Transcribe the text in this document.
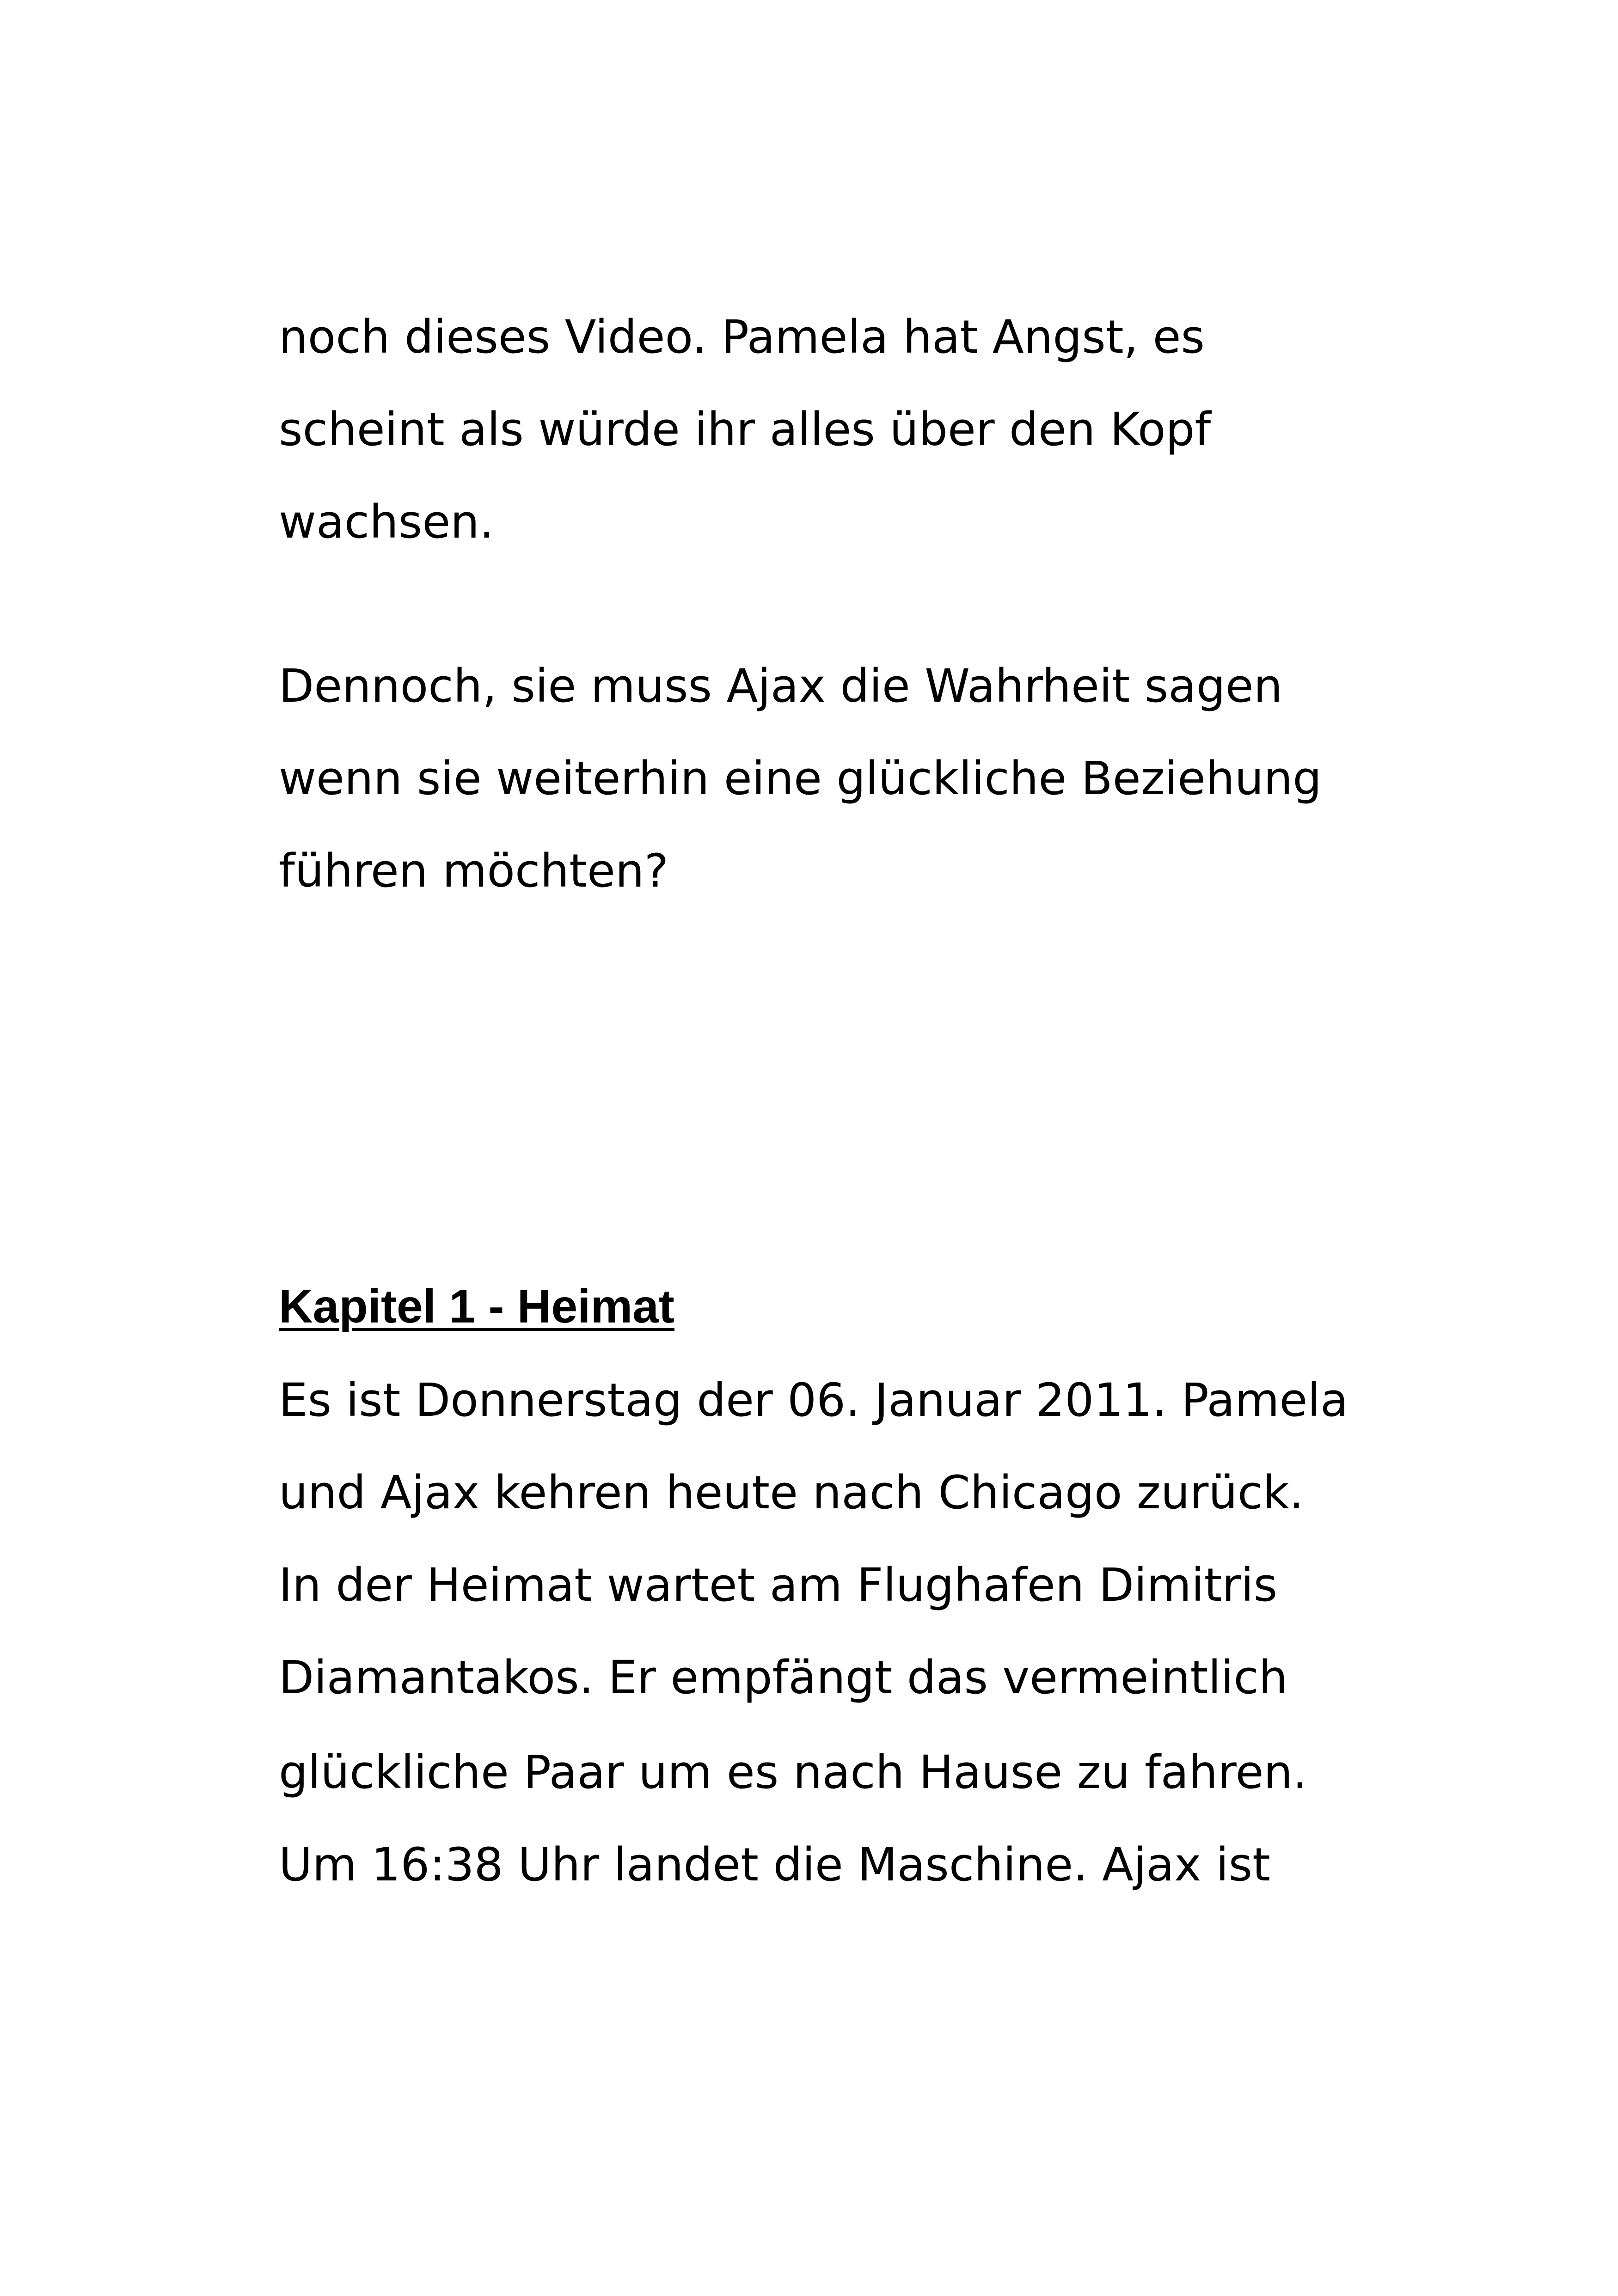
noch dieses Video. Pamela hat Angst, es

scheint als würde ihr alles über den Kopf

wachsen.

Dennoch, sie muss Ajax die Wahrheit sagen

wenn sie weiterhin eine glückliche Beziehung

führen möchten?

Kapitel 1 - Heimat

Es ist Donnerstag der 06. Januar 2011. Pamela

und Ajax kehren heute nach Chicago zurück.

In der Heimat wartet am Flughafen Dimitris

Diamantakos. Er empfängt das vermeintlich

glückliche Paar um es nach Hause zu fahren.

Um 16:38 Uhr landet die Maschine. Ajax ist
